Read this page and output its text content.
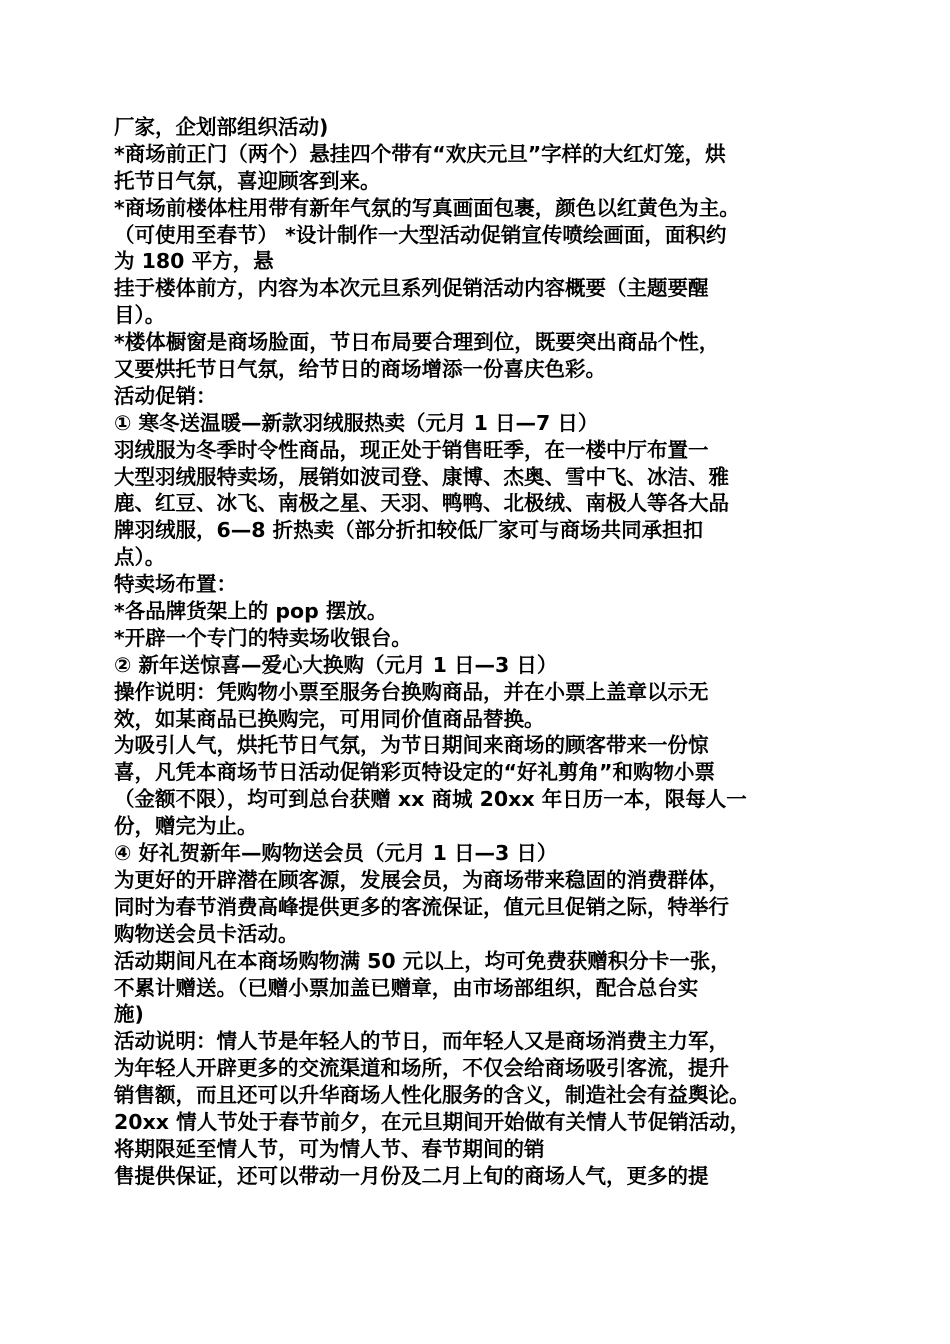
厂家，企划部组织活动)
*商场前正门（两个）悬挂四个带有“欢庆元旦”字样的大红灯笼，烘
托节日气氛，喜迎顾客到来。
*商场前楼体柱用带有新年气氛的写真画面包裹，颜色以红黄色为主。
（可使用至春节） *设计制作一大型活动促销宣传喷绘画面，面积约
为 180 平方，悬
挂于楼体前方，内容为本次元旦系列促销活动内容概要（主题要醒
目）。
*楼体橱窗是商场脸面，节日布局要合理到位，既要突出商品个性，
又要烘托节日气氛，给节日的商场增添一份喜庆色彩。
活动促销：
① 寒冬送温暖—新款羽绒服热卖（元月 1 日—7 日）
羽绒服为冬季时令性商品，现正处于销售旺季，在一楼中厅布置一
大型羽绒服特卖场，展销如波司登、康博、杰奥、雪中飞、冰洁、雅
鹿、红豆、冰飞、南极之星、天羽、鸭鸭、北极绒、南极人等各大品
牌羽绒服，6—8 折热卖（部分折扣较低厂家可与商场共同承担扣
点）。
特卖场布置：
*各品牌货架上的 pop 摆放。
*开辟一个专门的特卖场收银台。
② 新年送惊喜—爱心大换购（元月 1 日—3 日）
操作说明：凭购物小票至服务台换购商品，并在小票上盖章以示无
效，如某商品已换购完，可用同价值商品替换。
为吸引人气，烘托节日气氛，为节日期间来商场的顾客带来一份惊
喜，凡凭本商场节日活动促销彩页特设定的“好礼剪角”和购物小票
（金额不限），均可到总台获赠 xx 商城 20xx 年日历一本，限每人一
份，赠完为止。
④ 好礼贺新年—购物送会员（元月 1 日—3 日）
为更好的开辟潜在顾客源，发展会员，为商场带来稳固的消费群体，
同时为春节消费高峰提供更多的客流保证，值元旦促销之际，特举行
购物送会员卡活动。
活动期间凡在本商场购物满 50 元以上，均可免费获赠积分卡一张，
不累计赠送。（已赠小票加盖已赠章，由市场部组织，配合总台实
施)
活动说明：情人节是年轻人的节日，而年轻人又是商场消费主力军，
为年轻人开辟更多的交流渠道和场所，不仅会给商场吸引客流，提升
销售额，而且还可以升华商场人性化服务的含义，制造社会有益舆论。
20xx 情人节处于春节前夕，在元旦期间开始做有关情人节促销活动，
将期限延至情人节，可为情人节、春节期间的销
售提供保证，还可以带动一月份及二月上旬的商场人气，更多的提
